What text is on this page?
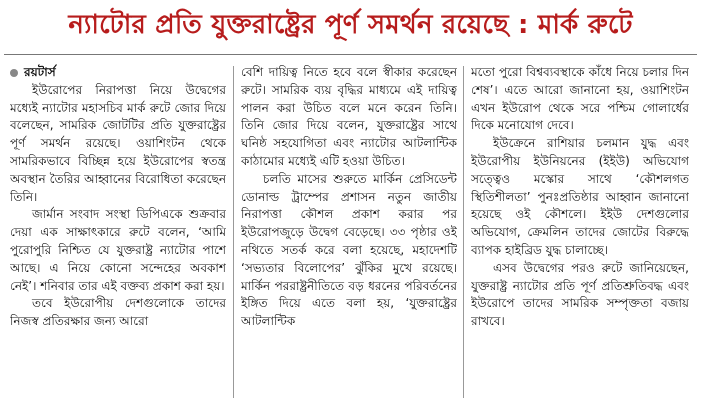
ন্যাটোর প্রতি যুক্তরাষ্ট্রের পূর্ণ সমর্থন রয়েছে : মার্ক রুটে
রয়টার্স

ইউরোপের নিরাপত্তা নিয়ে উদ্বেগের মধ্যেই ন্যাটোর মহাসচিব মার্ক রুটে জোর দিয়ে বলেছেন, সামরিক জোটটির প্রতি যুক্তরাষ্ট্রের পূর্ণ সমর্থন রয়েছে। ওয়াশিংটন থেকে সামরিকভাবে বিচ্ছিন্ন হয়ে ইউরোপের স্বতন্ত্র অবস্থান তৈরির আহ্বানের বিরোধিতা করেছেন তিনি।

জার্মান সংবাদ সংস্থা ডিপিএকে শুক্রবার দেয়া এক সাক্ষাৎকারে রুটে বলেন, ‘আমি পুরোপুরি নিশ্চিত যে যুক্তরাষ্ট্র ন্যাটোর পাশে আছে। এ নিয়ে কোনো সন্দেহের অবকাশ নেই’। শনিবার তার এই বক্তব্য প্রকাশ করা হয়।

তবে ইউরোপীয় দেশগুলোকে তাদের নিজস্ব প্রতিরক্ষার জন্য আরো

বেশি দায়িত্ব নিতে হবে বলে স্বীকার করেছেন রুটে। সামরিক ব্যয় বৃদ্ধির মাধ্যমে এই দায়িত্ব পালন করা উচিত বলে মনে করেন তিনি। তিনি জোর দিয়ে বলেন, যুক্তরাষ্ট্রের সাথে ঘনিষ্ঠ সহযোগিতা এবং ন্যাটোর আটলান্টিক কাঠামোর মধ্যেই এটি হওয়া উচিত।

চলতি মাসের শুরুতে মার্কিন প্রেসিডেন্ট ডোনাল্ড ট্রাম্পের প্রশাসন নতুন জাতীয় নিরাপত্তা কৌশল প্রকাশ করার পর ইউরোপজুড়ে উদ্বেগ বেড়েছে। ৩৩ পৃষ্ঠার ওই নথিতে সতর্ক করে বলা হয়েছে, মহাদেশটি ‘সভ্যতার বিলোপের’ ঝুঁকির মুখে রয়েছে। মার্কিন পররাষ্ট্রনীতিতে বড় ধরনের পরিবর্তনের ইঙ্গিত দিয়ে এতে বলা হয়, ‘যুক্তরাষ্ট্রের আটলান্টিক

মতো পুরো বিশ্বব্যবস্থাকে কাঁধে নিয়ে চলার দিন শেষ’। এতে আরো জানানো হয়, ওয়াশিংটন এখন ইউরোপ থেকে সরে পশ্চিম গোলার্ধের দিকে মনোযোগ দেবে।

ইউক্রেনে রাশিয়ার চলমান যুদ্ধ এবং ইউরোপীয় ইউনিয়নের (ইইউ) অভিযোগ সত্ত্বেও মস্কোর সাথে ‘কৌশলগত স্থিতিশীলতা’ পুনঃপ্রতিষ্ঠার আহ্বান জানানো হয়েছে ওই কৌশলে। ইইউ দেশগুলোর অভিযোগ, ক্রেমলিন তাদের জোটের বিরুদ্ধে ব্যাপক হাইব্রিড যুদ্ধ চালাচ্ছে।

এসব উদ্বেগের পরও রুটে জানিয়েছেন, যুক্তরাষ্ট্র ন্যাটোর প্রতি পূর্ণ প্রতিশ্রুতিবদ্ধ এবং ইউরোপে তাদের সামরিক সম্পৃক্ততা বজায় রাখবে।
